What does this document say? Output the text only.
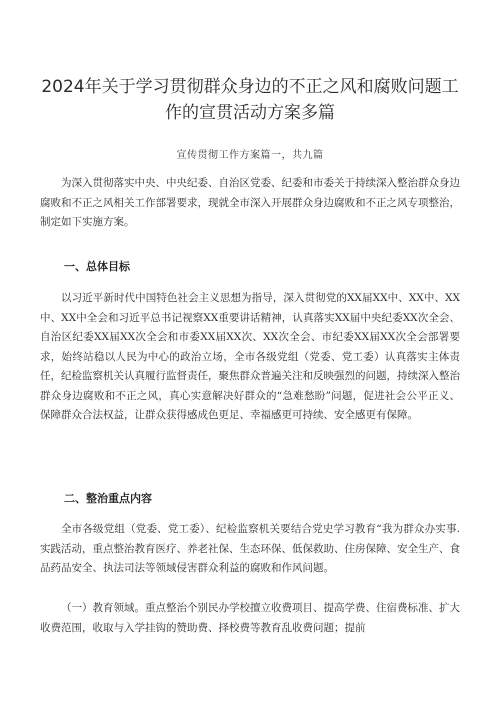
2024年关于学习贯彻群众身边的不正之风和腐败问题工作的宣贯活动方案多篇
宣传贯彻工作方案篇一，共九篇
为深入贯彻落实中央、中央纪委、自治区党委、纪委和市委关于持续深入整治群众身边腐败和不正之风相关工作部署要求，现就全市深入开展群众身边腐败和不正之风专项整治，制定如下实施方案。
一、总体目标
以习近平新时代中国特色社会主义思想为指导，深入贯彻党的XX届XX中、XX中、XX中、XX中全会和习近平总书记视察XX重要讲话精神，认真落实XX届中央纪委XX次全会、自治区纪委XX届XX次全会和市委XX届XX次、XX次全会、市纪委XX届XX次全会部署要求，始终站稳以人民为中心的政治立场，全市各级党组（党委、党工委）认真落实主体责任，纪检监察机关认真履行监督责任，聚焦群众普遍关注和反映强烈的问题，持续深入整治群众身边腐败和不正之风，真心实意解决好群众的“急难愁盼”问题，促进社会公平正义、保障群众合法权益，让群众获得感成色更足、幸福感更可持续、安全感更有保障。
二、整治重点内容
全市各级党组（党委、党工委）、纪检监察机关要结合党史学习教育“我为群众办实事.实践活动，重点整治教育医疗、养老社保、生态环保、低保救助、住房保障、安全生产、食品药品安全、执法司法等领域侵害群众利益的腐败和作风问题。
（一）教育领域。重点整治个别民办学校擅立收费项目、提高学费、住宿费标准、扩大收费范围，收取与入学挂钩的赞助费、择校费等教育乱收费问题；提前
